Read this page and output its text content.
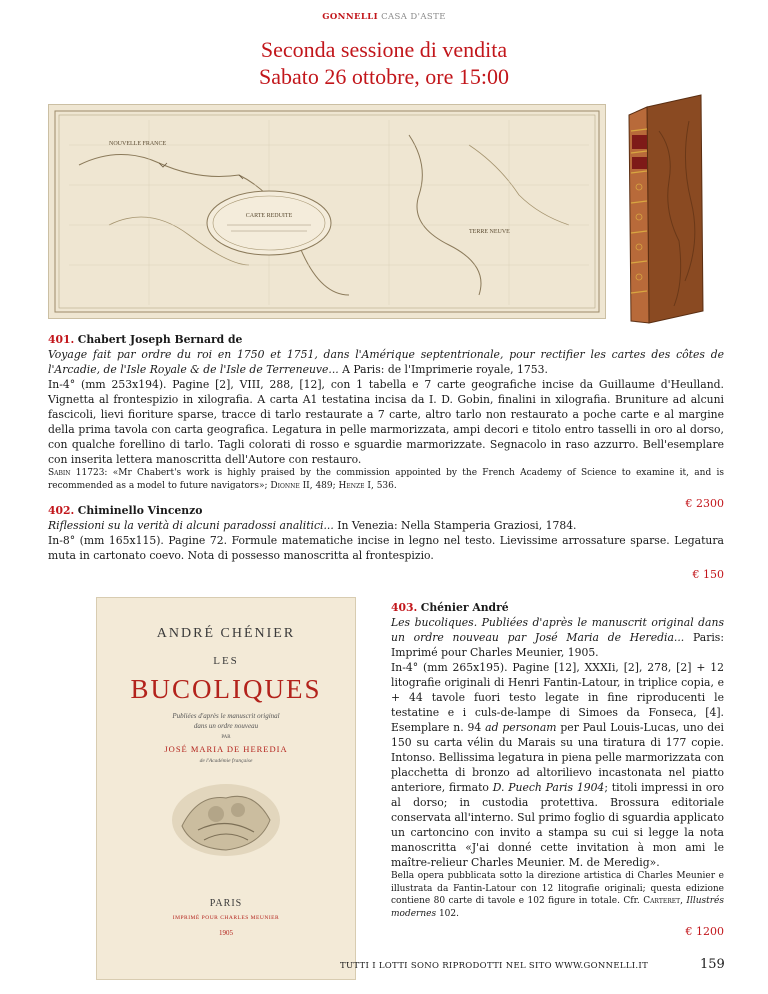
GONNELLI CASA D'ASTE
Seconda sessione di vendita
Sabato 26 ottobre, ore 15:00
CARTE REDUITE
TERRE NEUVE
NOUVELLE FRANCE

401. Chabert Joseph Bernard de

Voyage fait par ordre du roi en 1750 et 1751, dans l'Amérique septentrionale, pour rectifier les cartes des côtes de l'Arcadie, de l'Isle Royale & de l'Isle de Terreneuve... A Paris: de l'Imprimerie royale, 1753.

In-4° (mm 253x194). Pagine [2], VIII, 288, [12], con 1 tabella e 7 carte geografiche incise da Guillaume d'Heulland. Vignetta al frontespizio in xilografia. A carta A1 testatina incisa da I. D. Gobin, finalini in xilografia. Bruniture ad alcuni fascicoli, lievi fioriture sparse, tracce di tarlo restaurate a 7 carte, altro tarlo non restaurato a poche carte e al margine della prima tavola con carta geografica. Legatura in pelle marmorizzata, ampi decori e titolo entro tasselli in oro al dorso, con qualche forellino di tarlo. Tagli colorati di rosso e sguardie marmorizzate. Segnacolo in raso azzurro. Bell'esemplare con inserita lettera manoscritta dell'Autore con restauro.

Sabin 11723: «Mr Chabert's work is highly praised by the commission appointed by the French Academy of Science to examine it, and is recommended as a model to future navigators»; Dionne II, 489; Henze I, 536.

€ 2300

402. Chiminello Vincenzo

Riflessioni su la verità di alcuni paradossi analitici... In Venezia: Nella Stamperia Graziosi, 1784.

In-8° (mm 165x115). Pagine 72. Formule matematiche incise in legno nel testo. Lievissime arrossature sparse. Legatura muta in cartonato coevo. Nota di possesso manoscritta al frontespizio.

€ 150
ANDRÉ CHÉNIER
LES
BUCOLIQUES
Publiées d'après le manuscrit original
dans un ordre nouveau
PAR
JOSÉ MARIA DE HEREDIA
de l'Académie française
PARIS
IMPRIMÉ POUR CHARLES MEUNIER
1905

403. Chénier André

Les bucoliques. Publiées d'après le manuscrit original dans un ordre nouveau par José Maria de Heredia... Paris: Imprimé pour Charles Meunier, 1905.

In-4° (mm 265x195). Pagine [12], XXXIi, [2], 278, [2] + 12 litografie originali di Henri Fantin-Latour, in triplice copia, e + 44 tavole fuori testo legate in fine riproducenti le testatine e i culs-de-lampe di Simoes da Fonseca, [4]. Esemplare n. 94 ad personam per Paul Louis-Lucas, uno dei 150 su carta vélin du Marais su una tiratura di 177 copie. Intonso. Bellissima legatura in piena pelle marmorizzata con placchetta di bronzo ad altorilievo incastonata nel piatto anteriore, firmato D. Puech Paris 1904; titoli impressi in oro al dorso; in custodia protettiva. Brossura editoriale conservata all'interno. Sul primo foglio di sguardia applicato un cartoncino con invito a stampa su cui si legge la nota manoscritta «J'ai donné cette invitation à mon ami le maître-relieur Charles Meunier. M. de Meredig».

Bella opera pubblicata sotto la direzione artistica di Charles Meunier e illustrata da Fantin-Latour con 12 litografie originali; questa edizione contiene 80 carte di tavole e 102 figure in totale. Cfr. Carteret, Illustrés modernes 102.

€ 1200
TUTTI I LOTTI SONO RIPRODOTTI NEL SITO WWW.GONNELLI.IT	159
